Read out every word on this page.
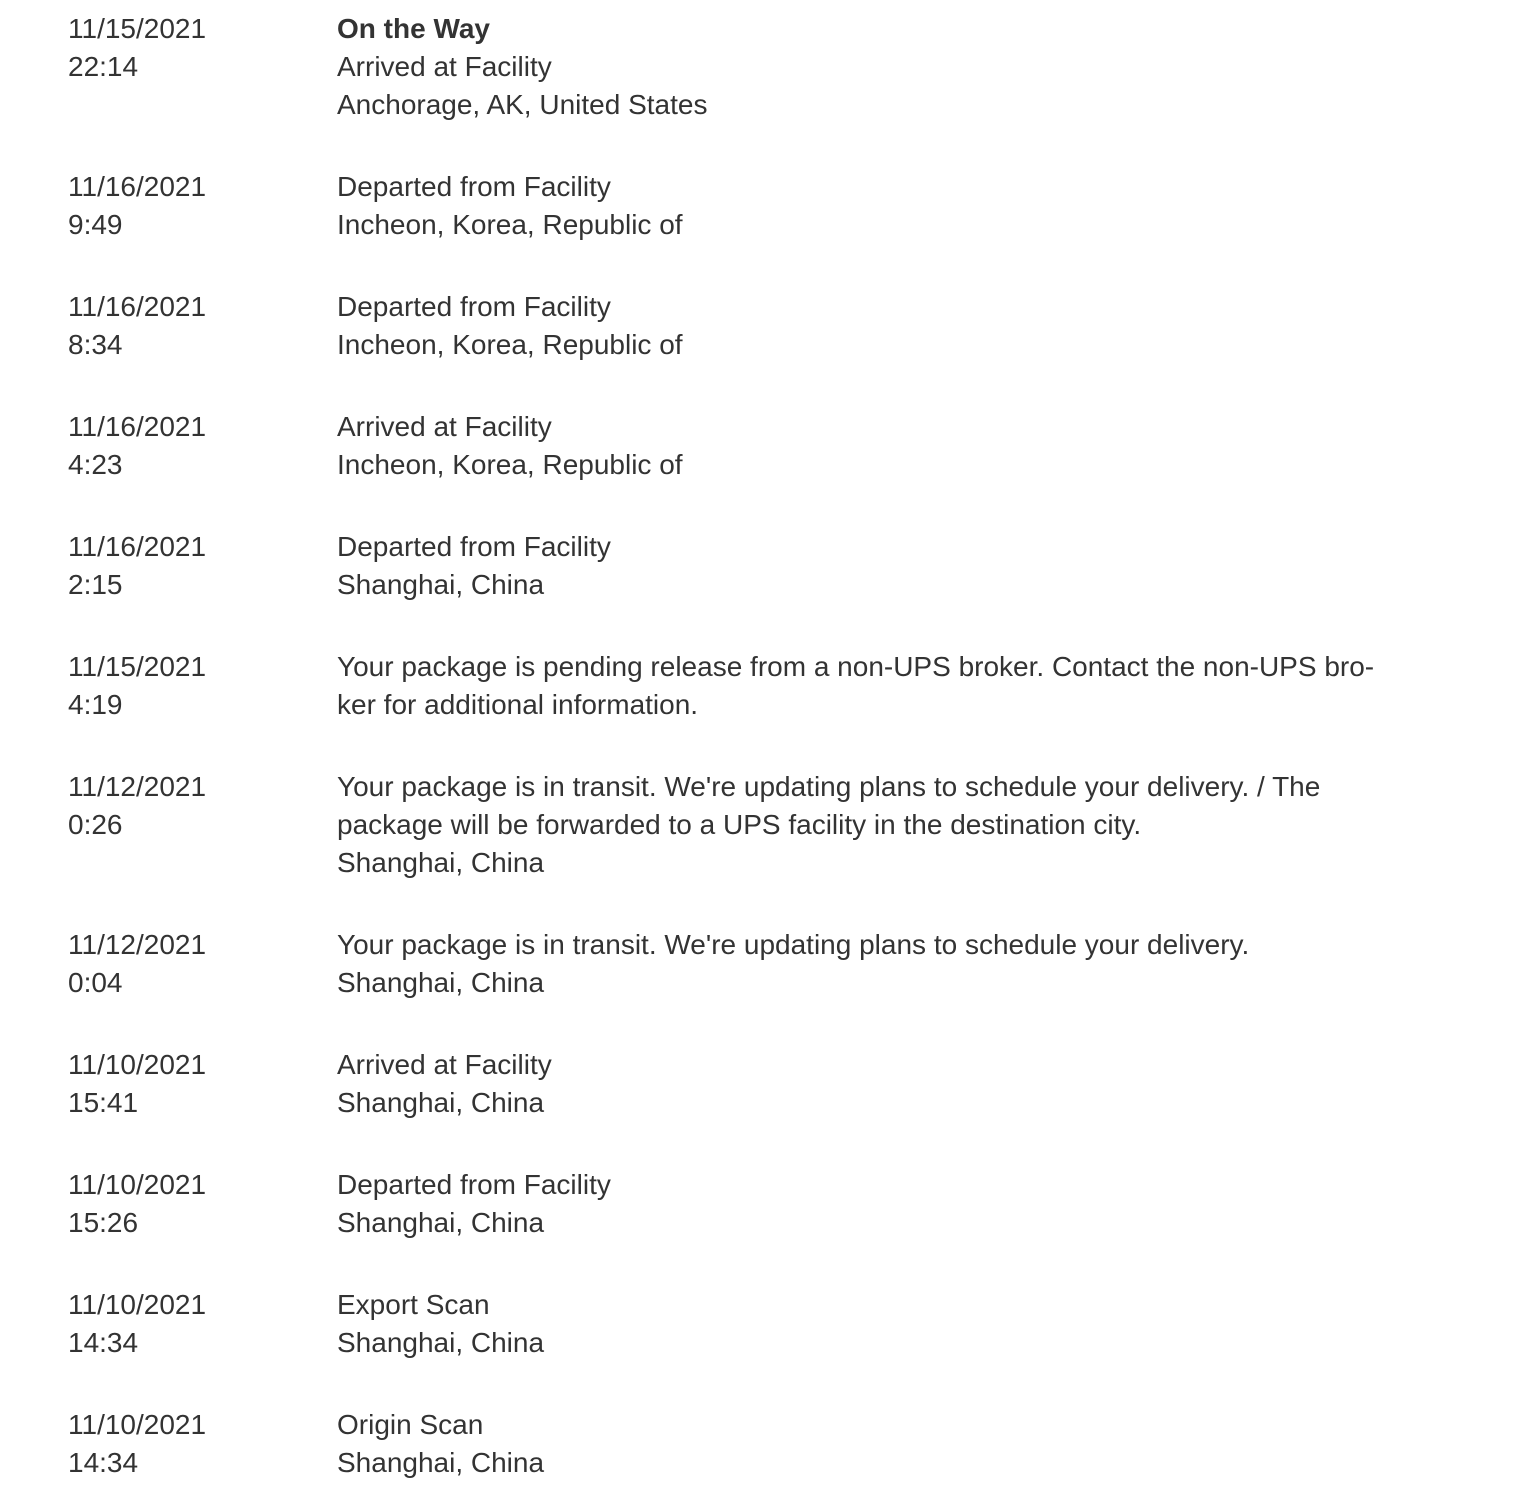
11/15/2021
22:14
On the Way
Arrived at Facility
Anchorage, AK, United States
11/16/2021
9:49
Departed from Facility
Incheon, Korea, Republic of
11/16/2021
8:34
Departed from Facility
Incheon, Korea, Republic of
11/16/2021
4:23
Arrived at Facility
Incheon, Korea, Republic of
11/16/2021
2:15
Departed from Facility
Shanghai, China
11/15/2021
4:19
Your package is pending release from a non-UPS broker. Contact the non-UPS bro-
ker for additional information.
11/12/2021
0:26
Your package is in transit. We're updating plans to schedule your delivery. / The
package will be forwarded to a UPS facility in the destination city.
Shanghai, China
11/12/2021
0:04
Your package is in transit. We're updating plans to schedule your delivery.
Shanghai, China
11/10/2021
15:41
Arrived at Facility
Shanghai, China
11/10/2021
15:26
Departed from Facility
Shanghai, China
11/10/2021
14:34
Export Scan
Shanghai, China
11/10/2021
14:34
Origin Scan
Shanghai, China
